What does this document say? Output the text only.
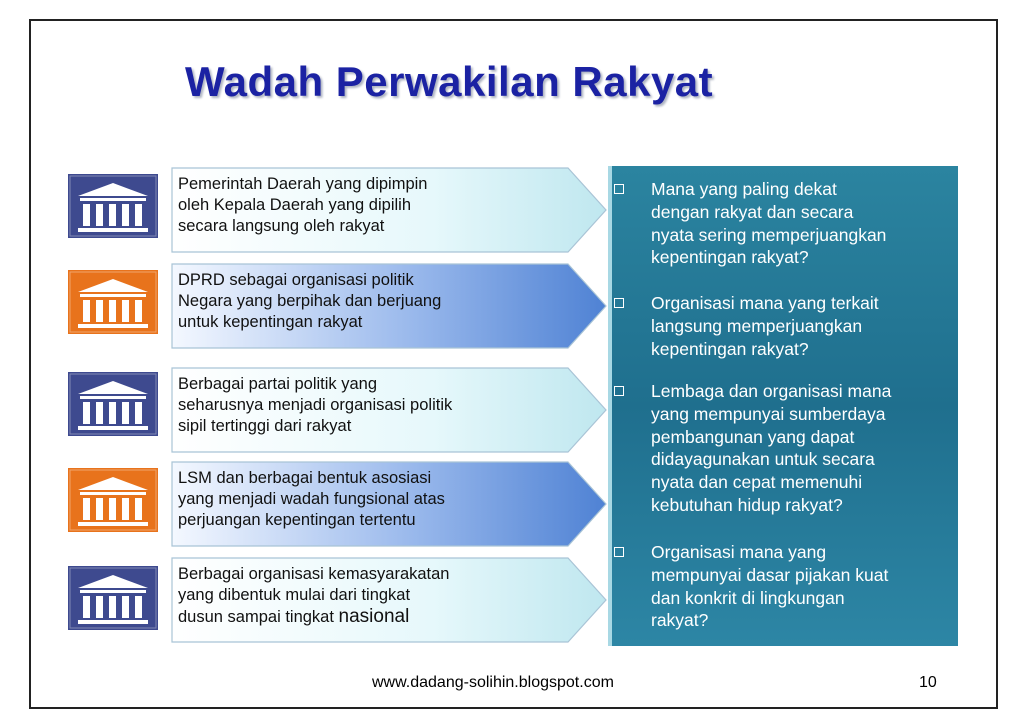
Wadah Perwakilan Rakyat
Pemerintah Daerah yang dipimpin
oleh Kepala Daerah yang dipilih
secara langsung oleh rakyat
DPRD sebagai organisasi politik
Negara yang berpihak dan berjuang
untuk kepentingan rakyat
Berbagai partai politik yang
seharusnya menjadi organisasi politik
sipil tertinggi dari rakyat
LSM dan berbagai bentuk asosiasi
yang menjadi wadah fungsional atas
perjuangan kepentingan tertentu
Berbagai organisasi kemasyarakatan
yang dibentuk mulai dari tingkat
dusun sampai tingkat nasional
Mana yang paling dekat
dengan rakyat dan secara
nyata sering memperjuangkan
kepentingan rakyat?
Organisasi mana yang terkait
langsung memperjuangkan
kepentingan rakyat?
Lembaga dan organisasi mana
yang mempunyai sumberdaya
pembangunan yang dapat
didayagunakan untuk secara
nyata dan cepat memenuhi
kebutuhan hidup rakyat?
Organisasi mana yang
mempunyai dasar pijakan kuat
dan konkrit di lingkungan
rakyat?
www.dadang-solihin.blogspot.com	10
